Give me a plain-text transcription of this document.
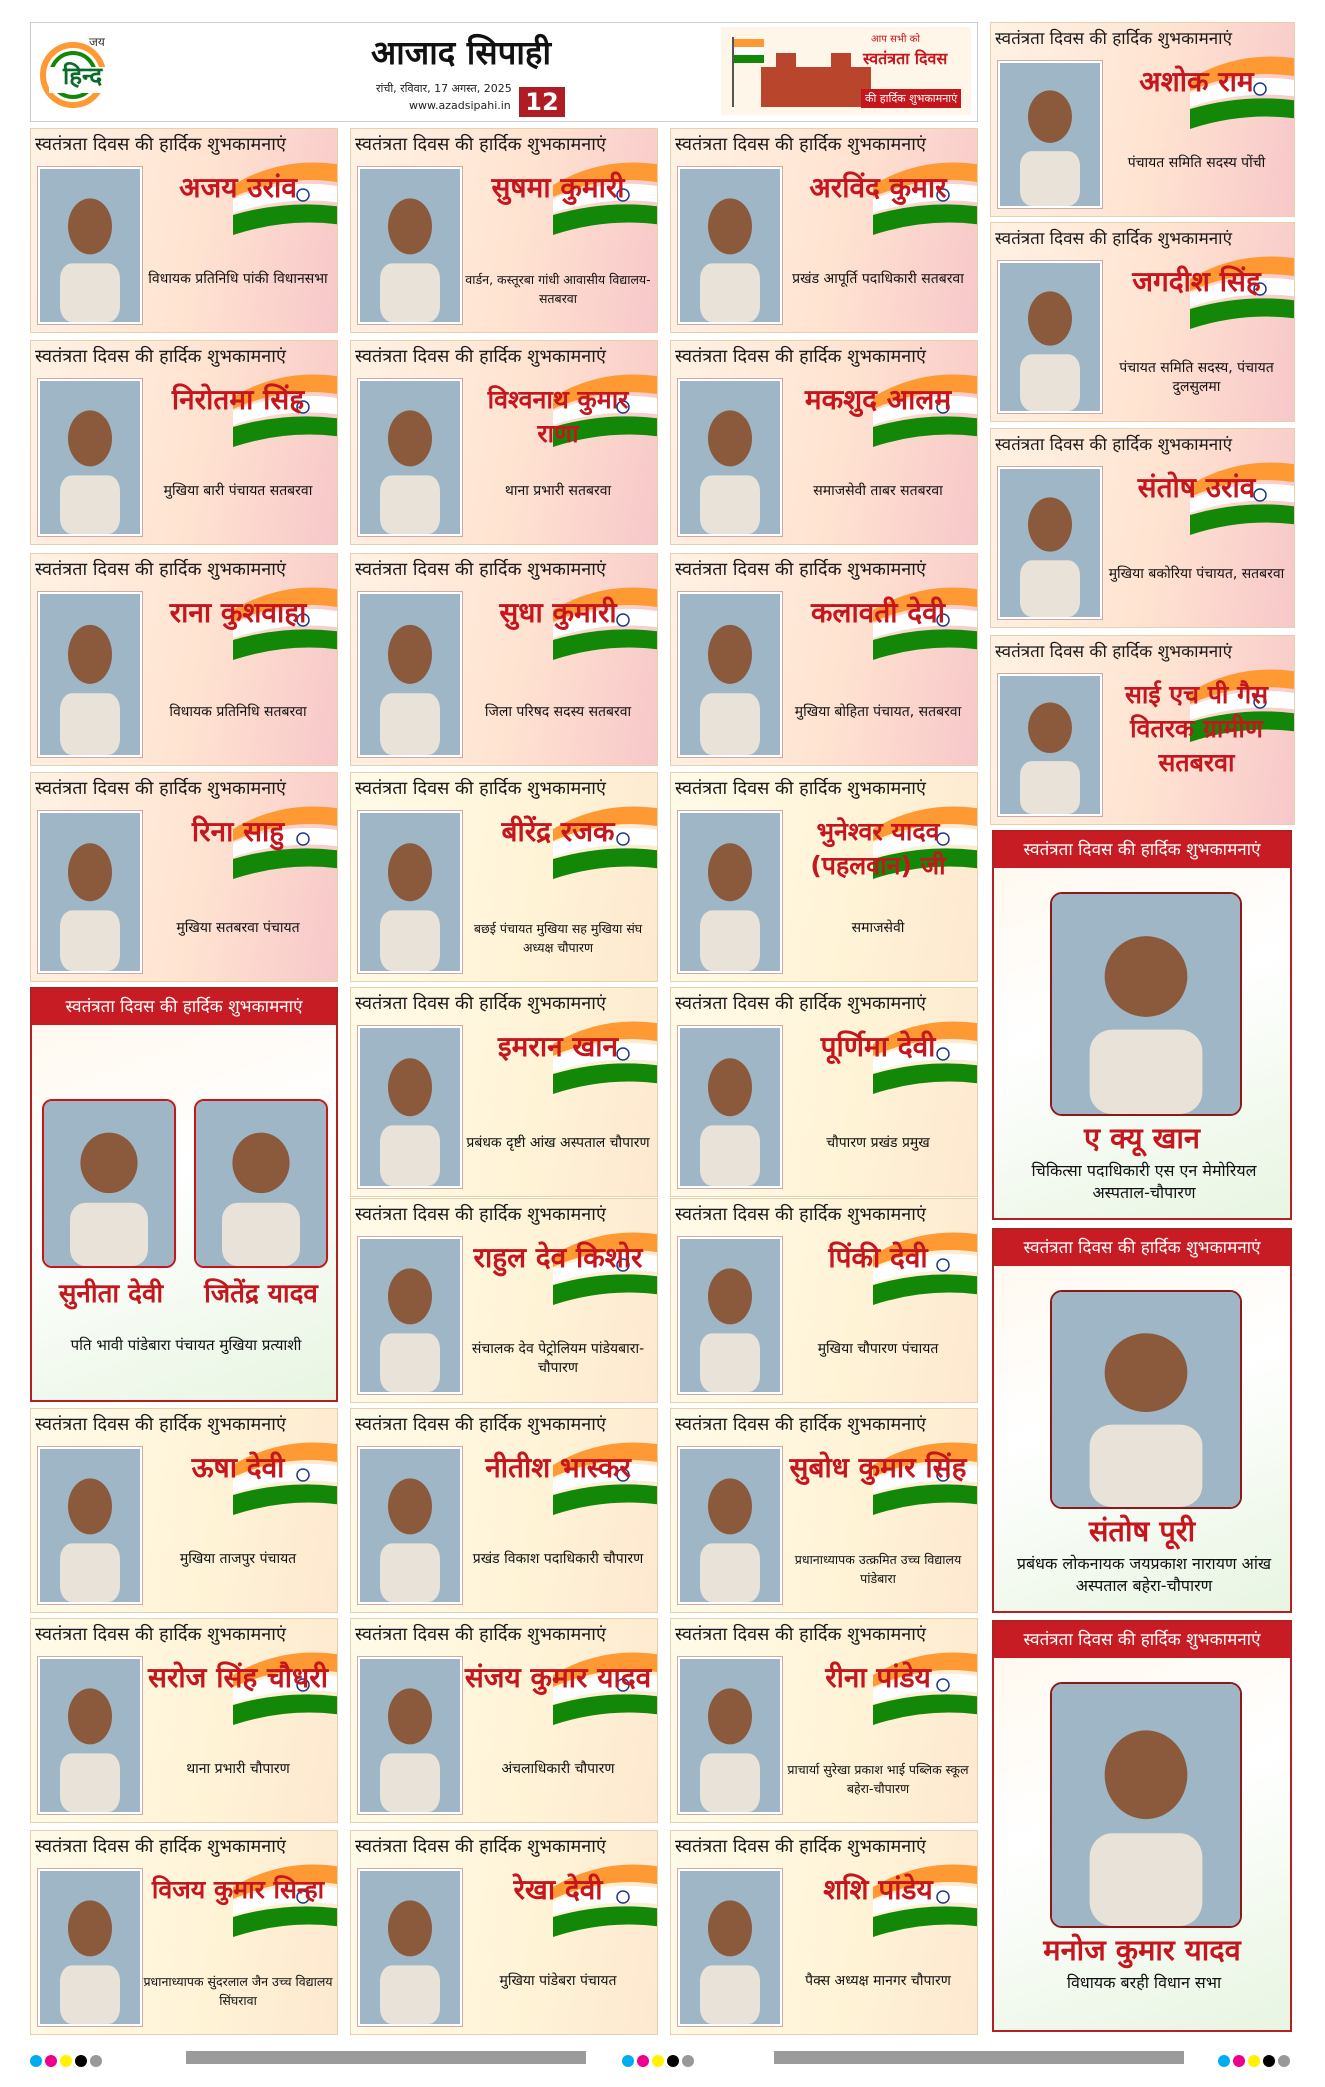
जय
हिन्द
आजाद सिपाही
रांची, रविवार, 17 अगस्त, 2025
www.azadsipahi.in 12
आप सभी को
स्वतंत्रता दिवस
की हार्दिक शुभकामनाएं
स्वतंत्रता दिवस की हार्दिक शुभकामनाएं
अजय उरांव
विधायक प्रतिनिधि पांकी विधानसभा
स्वतंत्रता दिवस की हार्दिक शुभकामनाएं
सुषमा कुमारी
वार्डन, कस्तूरबा गांधी आवासीय विद्यालय-सतबरवा
स्वतंत्रता दिवस की हार्दिक शुभकामनाएं
अरविंद कुमार
प्रखंड आपूर्ति पदाधिकारी सतबरवा
स्वतंत्रता दिवस की हार्दिक शुभकामनाएं
अशोक राम
पंचायत समिति सदस्य पोंची
स्वतंत्रता दिवस की हार्दिक शुभकामनाएं
जगदीश सिंह
पंचायत समिति सदस्य, पंचायत दुलसुलमा
स्वतंत्रता दिवस की हार्दिक शुभकामनाएं
निरोतमा सिंह
मुखिया बारी पंचायत सतबरवा
स्वतंत्रता दिवस की हार्दिक शुभकामनाएं
विश्वनाथ कुमार राणा
थाना प्रभारी सतबरवा
स्वतंत्रता दिवस की हार्दिक शुभकामनाएं
मकशुद आलम
समाजसेवी ताबर सतबरवा
स्वतंत्रता दिवस की हार्दिक शुभकामनाएं
संतोष उरांव
मुखिया बकोरिया पंचायत, सतबरवा
स्वतंत्रता दिवस की हार्दिक शुभकामनाएं
राना कुशवाहा
विधायक प्रतिनिधि सतबरवा
स्वतंत्रता दिवस की हार्दिक शुभकामनाएं
सुधा कुमारी
जिला परिषद सदस्य सतबरवा
स्वतंत्रता दिवस की हार्दिक शुभकामनाएं
कलावती देवी
मुखिया बोहिता पंचायत, सतबरवा
स्वतंत्रता दिवस की हार्दिक शुभकामनाएं
साई एच पी गैस वितरक ग्रामीण सतबरवा
स्वतंत्रता दिवस की हार्दिक शुभकामनाएं
रिना साहु
मुखिया सतबरवा पंचायत
स्वतंत्रता दिवस की हार्दिक शुभकामनाएं
बीरेंद्र रजक
बछई पंचायत मुखिया सह मुखिया संघ अध्यक्ष चौपारण
स्वतंत्रता दिवस की हार्दिक शुभकामनाएं
भुनेश्वर यादव (पहलवान) जी
समाजसेवी
स्वतंत्रता दिवस की हार्दिक शुभकामनाएं
इमरान खान
प्रबंधक दृष्टी आंख अस्पताल चौपारण
स्वतंत्रता दिवस की हार्दिक शुभकामनाएं
पूर्णिमा देवी
चौपारण प्रखंड प्रमुख
स्वतंत्रता दिवस की हार्दिक शुभकामनाएं
राहुल देव किशोर
संचालक देव पेट्रोलियम पांडेयबारा-चौपारण
स्वतंत्रता दिवस की हार्दिक शुभकामनाएं
पिंकी देवी
मुखिया चौपारण पंचायत
स्वतंत्रता दिवस की हार्दिक शुभकामनाएं
ऊषा देवी
मुखिया ताजपुर पंचायत
स्वतंत्रता दिवस की हार्दिक शुभकामनाएं
नीतीश भास्कर
प्रखंड विकाश पदाधिकारी चौपारण
स्वतंत्रता दिवस की हार्दिक शुभकामनाएं
सुबोध कुमार सिंह
प्रधानाध्यापक उत्क्रमित उच्च विद्यालय पांडेबारा
स्वतंत्रता दिवस की हार्दिक शुभकामनाएं
सरोज सिंह चौधरी
थाना प्रभारी चौपारण
स्वतंत्रता दिवस की हार्दिक शुभकामनाएं
संजय कुमार यादव
अंचलाधिकारी चौपारण
स्वतंत्रता दिवस की हार्दिक शुभकामनाएं
रीना पांडेय
प्राचार्या सुरेखा प्रकाश भाई पब्लिक स्कूल बहेरा-चौपारण
स्वतंत्रता दिवस की हार्दिक शुभकामनाएं
विजय कुमार सिन्हा
प्रधानाध्यापक सुंदरलाल जैन उच्च विद्यालय सिंघरावा
स्वतंत्रता दिवस की हार्दिक शुभकामनाएं
रेखा देवी
मुखिया पांडेबरा पंचायत
स्वतंत्रता दिवस की हार्दिक शुभकामनाएं
शशि पांडेय
पैक्स अध्यक्ष मानगर चौपारण
स्वतंत्रता दिवस की हार्दिक शुभकामनाएं
सुनीता देवी	जितेंद्र यादव
पति भावी पांडेबारा पंचायत मुखिया प्रत्याशी
स्वतंत्रता दिवस की हार्दिक शुभकामनाएं
ए क्यू खान
चिकित्सा पदाधिकारी एस एन मेमोरियल अस्पताल-चौपारण
स्वतंत्रता दिवस की हार्दिक शुभकामनाएं
संतोष पूरी
प्रबंधक लोकनायक जयप्रकाश नारायण आंख अस्पताल बहेरा-चौपारण
स्वतंत्रता दिवस की हार्दिक शुभकामनाएं
मनोज कुमार यादव
विधायक बरही विधान सभा
